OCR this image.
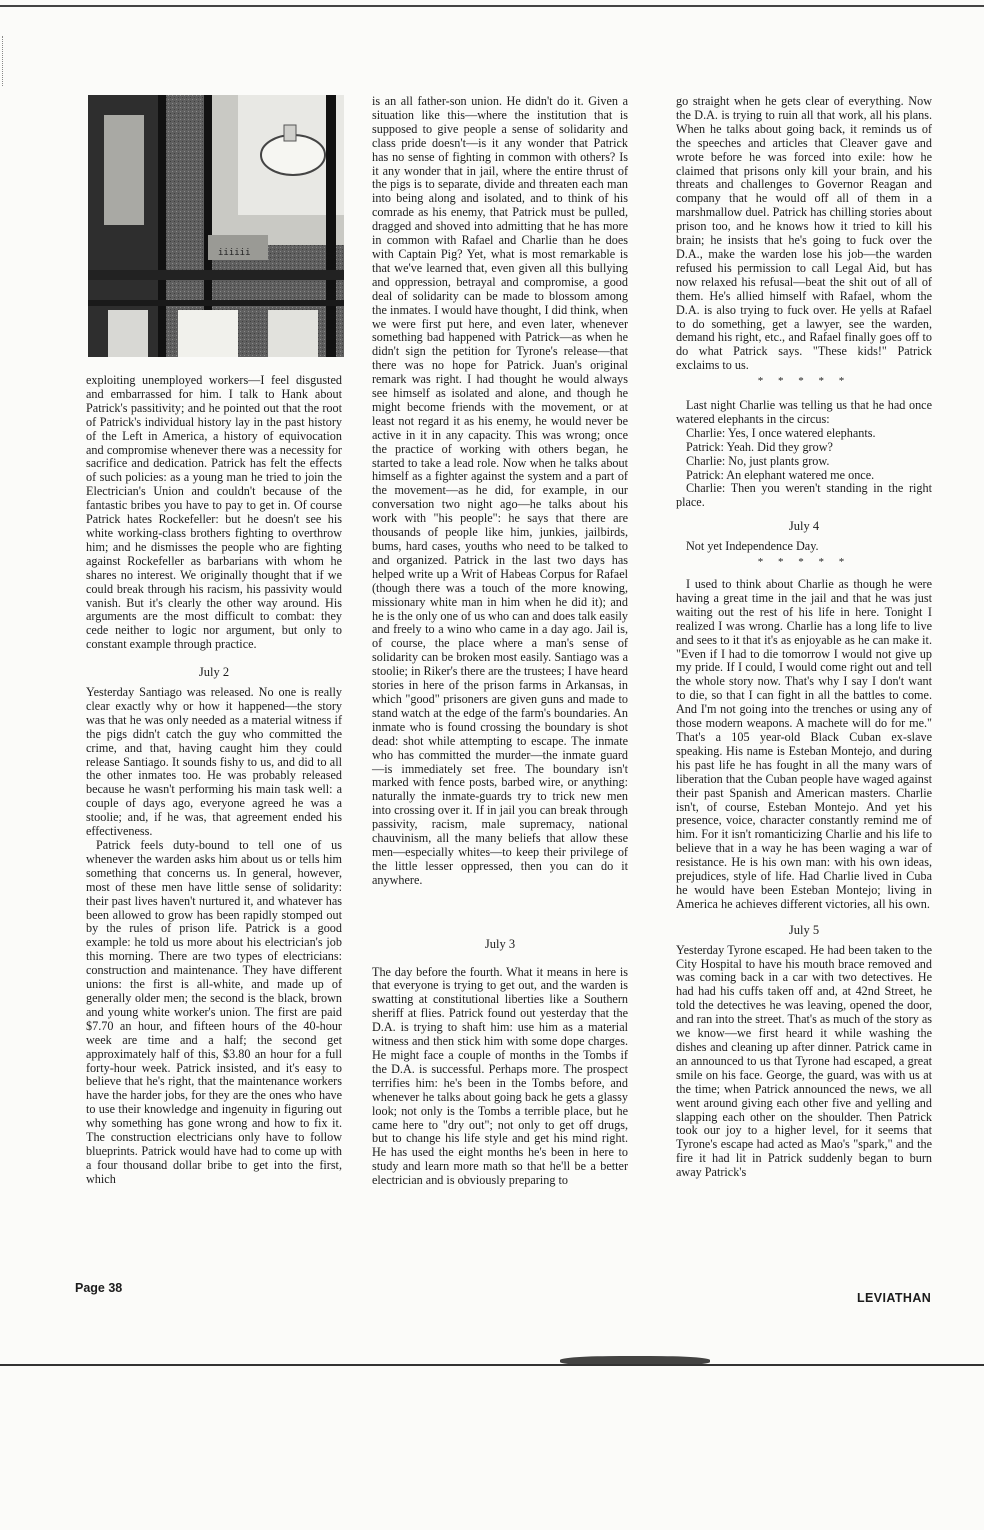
iiiiii

exploiting unemployed workers—I feel disgusted and embarrassed for him. I talk to Hank about Patrick's passitivity; and he pointed out that the root of Patrick's individual history lay in the past history of the Left in America, a history of equivocation and compromise whenever there was a necessity for sacrifice and dedication. Patrick has felt the effects of such policies: as a young man he tried to join the Electrician's Union and couldn't because of the fantastic bribes you have to pay to get in. Of course Patrick hates Rockefeller: but he doesn't see his white working-class brothers fighting to overthrow him; and he dismisses the people who are fighting against Rockefeller as barbarians with whom he shares no interest. We originally thought that if we could break through his racism, his passivity would vanish. But it's clearly the other way around. His arguments are the most difficult to combat: they cede neither to logic nor argument, but only to constant example through practice.

July 2

Yesterday Santiago was released. No one is really clear exactly why or how it happened—the story was that he was only needed as a material witness if the pigs didn't catch the guy who committed the crime, and that, having caught him they could release Santiago. It sounds fishy to us, and did to all the other inmates too. He was probably released because he wasn't performing his main task well: a couple of days ago, everyone agreed he was a stoolie; and, if he was, that agreement ended his effectiveness.

Patrick feels duty-bound to tell one of us whenever the warden asks him about us or tells him something that concerns us. In general, however, most of these men have little sense of solidarity: their past lives haven't nurtured it, and whatever has been allowed to grow has been rapidly stomped out by the rules of prison life. Patrick is a good example: he told us more about his electrician's job this morning. There are two types of electricians: construction and maintenance. They have different unions: the first is all-white, and made up of generally older men; the second is the black, brown and young white worker's union. The first are paid $7.70 an hour, and fifteen hours of the 40-hour week are time and a half; the second get approximately half of this, $3.80 an hour for a full forty-hour week. Patrick insisted, and it's easy to believe that he's right, that the maintenance workers have the harder jobs, for they are the ones who have to use their knowledge and ingenuity in figuring out why something has gone wrong and how to fix it. The construction electricians only have to follow blueprints. Patrick would have had to come up with a four thousand dollar bribe to get into the first, which

is an all father-son union. He didn't do it. Given a situation like this—where the institution that is supposed to give people a sense of solidarity and class pride doesn't—is it any wonder that Patrick has no sense of fighting in common with others? Is it any wonder that in jail, where the entire thrust of the pigs is to separate, divide and threaten each man into being along and isolated, and to think of his comrade as his enemy, that Patrick must be pulled, dragged and shoved into admitting that he has more in common with Rafael and Charlie than he does with Captain Pig? Yet, what is most remarkable is that we've learned that, even given all this bullying and oppression, betrayal and compromise, a good deal of solidarity can be made to blossom among the inmates. I would have thought, I did think, when we were first put here, and even later, whenever something bad happened with Patrick—as when he didn't sign the petition for Tyrone's release—that there was no hope for Patrick. Juan's original remark was right. I had thought he would always see himself as isolated and alone, and though he might become friends with the movement, or at least not regard it as his enemy, he would never be active in it in any capacity. This was wrong; once the practice of working with others began, he started to take a lead role. Now when he talks about himself as a fighter against the system and a part of the movement—as he did, for example, in our conversation two night ago—he talks about his work with "his people": he says that there are thousands of people like him, junkies, jailbirds, bums, hard cases, youths who need to be talked to and organized. Patrick in the last two days has helped write up a Writ of Habeas Corpus for Rafael (though there was a touch of the more knowing, missionary white man in him when he did it); and he is the only one of us who can and does talk easily and freely to a wino who came in a day ago. Jail is, of course, the place where a man's sense of solidarity can be broken most easily. Santiago was a stoolie; in Riker's there are the trustees; I have heard stories in here of the prison farms in Arkansas, in which "good" prisoners are given guns and made to stand watch at the edge of the farm's boundaries. An inmate who is found crossing the boundary is shot dead: shot while attempting to escape. The inmate who has committed the murder—the inmate guard—is immediately set free. The boundary isn't marked with fence posts, barbed wire, or anything: naturally the inmate-guards try to trick new men into crossing over it. If in jail you can break through passivity, racism, male supremacy, national chauvinism, all the many beliefs that allow these men—especially whites—to keep their privilege of the little lesser oppressed, then you can do it anywhere.

July 3

The day before the fourth. What it means in here is that everyone is trying to get out, and the warden is swatting at constitutional liberties like a Southern sheriff at flies. Patrick found out yesterday that the D.A. is trying to shaft him: use him as a material witness and then stick him with some dope charges. He might face a couple of months in the Tombs if the D.A. is successful. Perhaps more. The prospect terrifies him: he's been in the Tombs before, and whenever he talks about going back he gets a glassy look; not only is the Tombs a terrible place, but he came here to "dry out"; not only to get off drugs, but to change his life style and get his mind right. He has used the eight months he's been in here to study and learn more math so that he'll be a better electrician and is obviously preparing to

go straight when he gets clear of everything. Now the D.A. is trying to ruin all that work, all his plans. When he talks about going back, it reminds us of the speeches and articles that Cleaver gave and wrote before he was forced into exile: how he claimed that prisons only kill your brain, and his threats and challenges to Governor Reagan and company that he would off all of them in a marshmallow duel. Patrick has chilling stories about prison too, and he knows how it tried to kill his brain; he insists that he's going to fuck over the D.A., make the warden lose his job—the warden refused his permission to call Legal Aid, but has now relaxed his refusal—beat the shit out of all of them. He's allied himself with Rafael, whom the D.A. is also trying to fuck over. He yells at Rafael to do something, get a lawyer, see the warden, demand his right, etc., and Rafael finally goes off to do what Patrick says. "These kids!" Patrick exclaims to us.

* * * * *

Last night Charlie was telling us that he had once watered elephants in the circus:

Charlie: Yes, I once watered elephants.

Patrick: Yeah. Did they grow?

Charlie: No, just plants grow.

Patrick: An elephant watered me once.

Charlie: Then you weren't standing in the right place.

July 4

Not yet Independence Day.

* * * * *

I used to think about Charlie as though he were having a great time in the jail and that he was just waiting out the rest of his life in here. Tonight I realized I was wrong. Charlie has a long life to live and sees to it that it's as enjoyable as he can make it. "Even if I had to die tomorrow I would not give up my pride. If I could, I would come right out and tell the whole story now. That's why I say I don't want to die, so that I can fight in all the battles to come. And I'm not going into the trenches or using any of those modern weapons. A machete will do for me." That's a 105 year-old Black Cuban ex-slave speaking. His name is Esteban Montejo, and during his past life he has fought in all the many wars of liberation that the Cuban people have waged against their past Spanish and American masters. Charlie isn't, of course, Esteban Montejo. And yet his presence, voice, character constantly remind me of him. For it isn't romanticizing Charlie and his life to believe that in a way he has been waging a war of resistance. He is his own man: with his own ideas, prejudices, style of life. Had Charlie lived in Cuba he would have been Esteban Montejo; living in America he achieves different victories, all his own.

July 5

Yesterday Tyrone escaped. He had been taken to the City Hospital to have his mouth brace removed and was coming back in a car with two detectives. He had had his cuffs taken off and, at 42nd Street, he told the detectives he was leaving, opened the door, and ran into the street. That's as much of the story as we know—we first heard it while washing the dishes and cleaning up after dinner. Patrick came in an announced to us that Tyrone had escaped, a great smile on his face. George, the guard, was with us at the time; when Patrick announced the news, we all went around giving each other five and yelling and slapping each other on the shoulder. Then Patrick took our joy to a higher level, for it seems that Tyrone's escape had acted as Mao's "spark," and the fire it had lit in Patrick suddenly began to burn away Patrick's

Page 38
LEVIATHAN
